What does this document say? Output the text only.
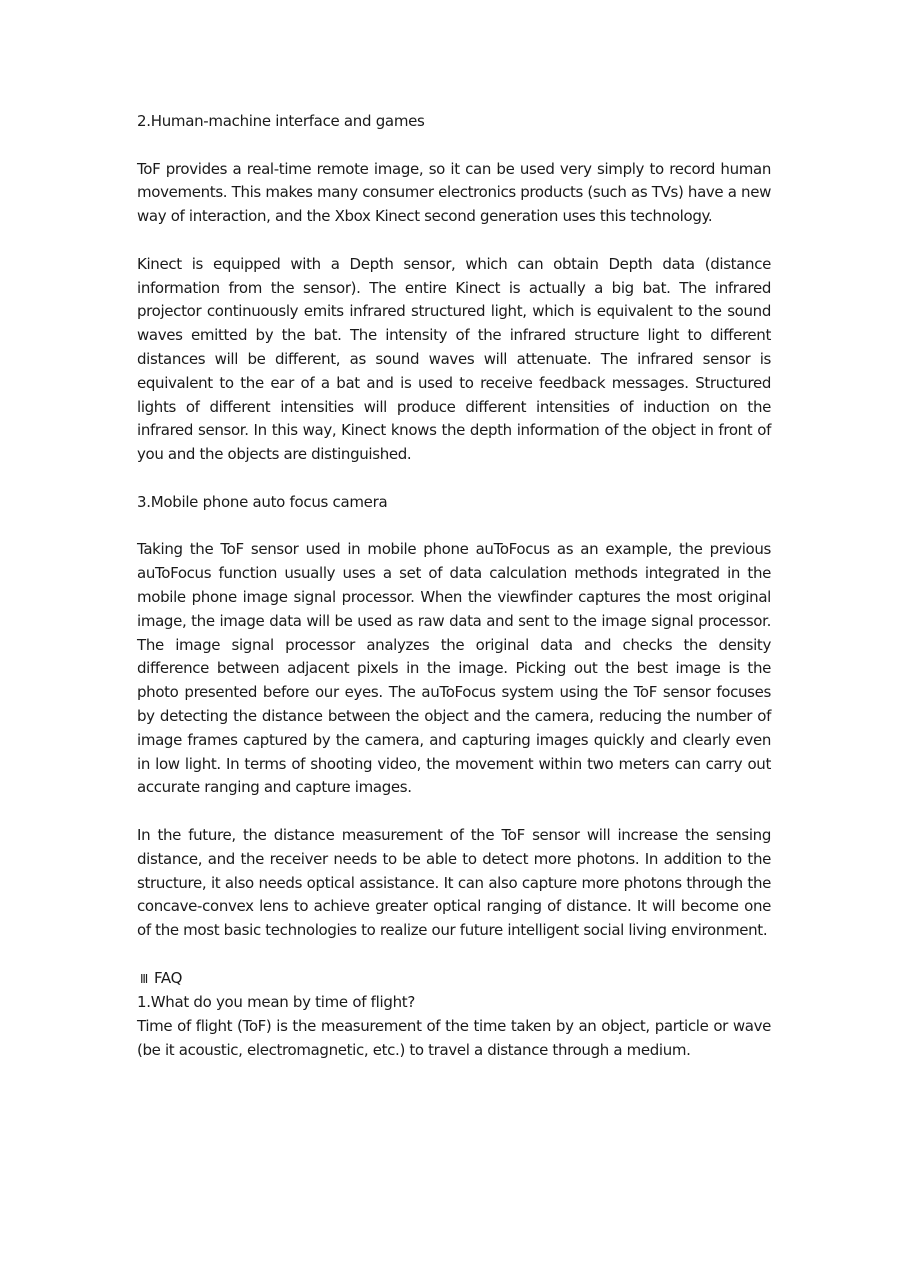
2.Human-machine interface and games

ToF provides a real-time remote image, so it can be used very simply to record human movements. This makes many consumer electronics products (such as TVs) have a new way of interaction, and the Xbox Kinect second generation uses this technology.

Kinect is equipped with a Depth sensor, which can obtain Depth data (distance information from the sensor). The entire Kinect is actually a big bat. The infrared projector continuously emits infrared structured light, which is equivalent to the sound waves emitted by the bat. The intensity of the infrared structure light to different distances will be different, as sound waves will attenuate. The infrared sensor is equivalent to the ear of a bat and is used to receive feedback messages. Structured lights of different intensities will produce different intensities of induction on the infrared sensor. In this way, Kinect knows the depth information of the object in front of you and the objects are distinguished.

3.Mobile phone auto focus camera

Taking the ToF sensor used in mobile phone auToFocus as an example, the previous auToFocus function usually uses a set of data calculation methods integrated in the mobile phone image signal processor. When the viewfinder captures the most original image, the image data will be used as raw data and sent to the image signal processor. The image signal processor analyzes the original data and checks the density difference between adjacent pixels in the image. Picking out the best image is the photo presented before our eyes. The auToFocus system using the ToF sensor focuses by detecting the distance between the object and the camera, reducing the number of image frames captured by the camera, and capturing images quickly and clearly even in low light. In terms of shooting video, the movement within two meters can carry out accurate ranging and capture images.

In the future, the distance measurement of the ToF sensor will increase the sensing distance, and the receiver needs to be able to detect more photons. In addition to the structure, it also needs optical assistance. It can also capture more photons through the concave-convex lens to achieve greater optical ranging of distance. It will become one of the most basic technologies to realize our future intelligent social living environment.

Ⅲ FAQ

1.What do you mean by time of flight?

Time of flight (ToF) is the measurement of the time taken by an object, particle or wave (be it acoustic, electromagnetic, etc.) to travel a distance through a medium.
